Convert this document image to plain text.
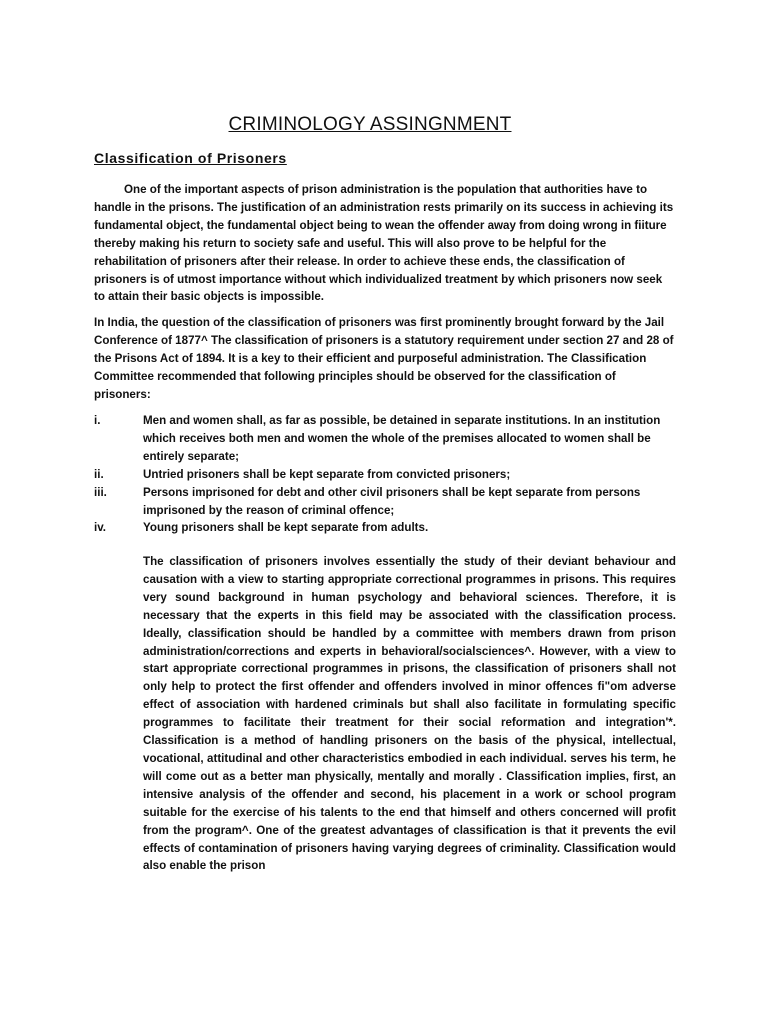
CRIMINOLOGY ASSINGNMENT
Classification of Prisoners

One of the important aspects of prison administration is the population that authorities have to handle in the prisons. The justification of an administration rests primarily on its success in achieving its fundamental object, the fundamental object being to wean the offender away from doing wrong in fiiture thereby making his return to society safe and useful. This will also prove to be helpful for the rehabilitation of prisoners after their release. In order to achieve these ends, the classification of prisoners is of utmost importance without which individualized treatment by which prisoners now seek to attain their basic objects is impossible.

In India, the question of the classification of prisoners was first prominently brought forward by the Jail Conference of 1877^ The classification of prisoners is a statutory requirement under section 27 and 28 of the Prisons Act of 1894. It is a key to their efficient and purposeful administration. The Classification Committee recommended that following principles should be observed for the classification of prisoners:

i.	Men and women shall, as far as possible, be detained in separate institutions. In an institution which receives both men and women the whole of the premises allocated to women shall be entirely separate;
ii.	Untried prisoners shall be kept separate from convicted prisoners;
iii.	Persons imprisoned for debt and other civil prisoners shall be kept separate from persons imprisoned by the reason of criminal offence;
iv.	Young prisoners shall be kept separate from adults.
The classification of prisoners involves essentially the study of their deviant behaviour and causation with a view to starting appropriate correctional programmes in prisons. This requires very sound background in human psychology and behavioral sciences. Therefore, it is necessary that the experts in this field may be associated with the classification process. Ideally, classification should be handled by a committee with members drawn from prison administration/corrections and experts in behavioral/socialsciences^. However, with a view to start appropriate correctional programmes in prisons, the classification of prisoners shall not only help to protect the first offender and offenders involved in minor offences fi"om adverse effect of association with hardened criminals but shall also facilitate in formulating specific programmes to facilitate their treatment for their social reformation and integration'*. Classification is a method of handling prisoners on the basis of the physical, intellectual, vocational, attitudinal and other characteristics embodied in each individual. serves his term, he will come out as a better man physically, mentally and morally . Classification implies, first, an intensive analysis of the offender and second, his placement in a work or school program suitable for the exercise of his talents to the end that himself and others concerned will profit from the program^. One of the greatest advantages of classification is that it prevents the evil effects of contamination of prisoners having varying degrees of criminality. Classification would also enable the prison
